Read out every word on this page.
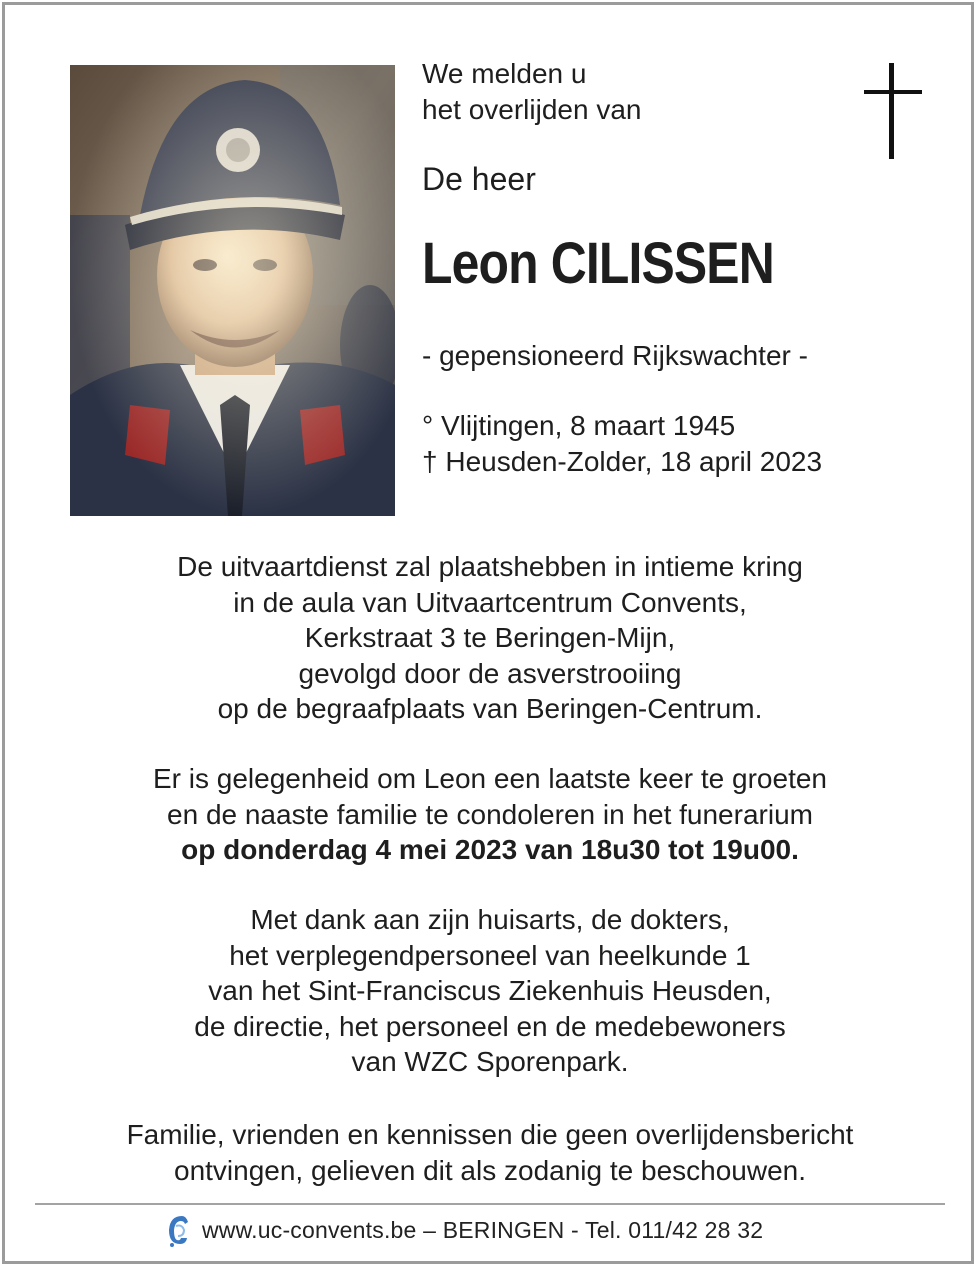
We melden u
het overlijden van
De heer
Leon CILISSEN
- gepensioneerd Rijkswachter -
° Vlijtingen, 8 maart 1945
† Heusden-Zolder, 18 april 2023
De uitvaartdienst zal plaatshebben in intieme kring
in de aula van Uitvaartcentrum Convents,
Kerkstraat 3 te Beringen-Mijn,
gevolgd door de asverstrooiing
op de begraafplaats van Beringen-Centrum.
Er is gelegenheid om Leon een laatste keer te groeten
en de naaste familie te condoleren in het funerarium
op donderdag 4 mei 2023 van 18u30 tot 19u00.
Met dank aan zijn huisarts, de dokters,
het verplegendpersoneel van heelkunde 1
van het Sint-Franciscus Ziekenhuis Heusden,
de directie, het personeel en de medebewoners
van WZC Sporenpark.
Familie, vrienden en kennissen die geen overlijdensbericht
ontvingen, gelieven dit als zodanig te beschouwen.
www.uc-convents.be – BERINGEN - Tel. 011/42 28 32
